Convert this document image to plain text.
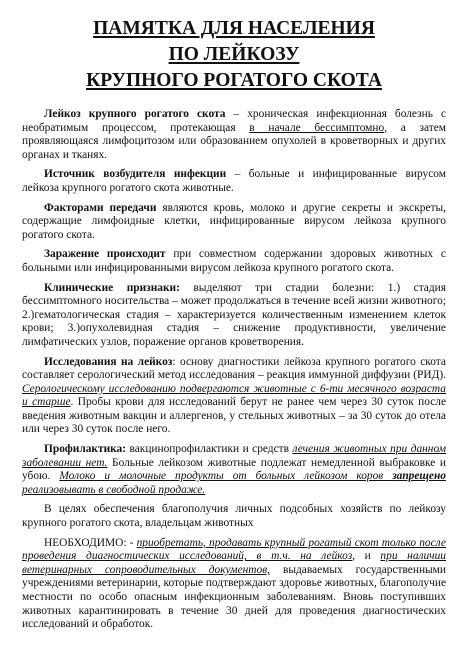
ПАМЯТКА ДЛЯ НАСЕЛЕНИЯ
ПО ЛЕЙКОЗУ
КРУПНОГО РОГАТОГО СКОТА

Лейкоз крупного рогатого скота – хроническая инфекционная болезнь с необратимым процессом, протекающая в начале бессимптомно, а затем проявляющаяся лимфоцитозом или образованием опухолей в кроветворных и других органах и тканях.

Источник возбудителя инфекции – больные и инфицированные вирусом лейкоза крупного рогатого скота животные.

Факторами передачи являются кровь, молоко и другие секреты и экскреты, содержащие лимфоидные клетки, инфицированные вирусом лейкоза крупного рогатого скота.

Заражение происходит при совместном содержании здоровых животных с больными или инфицированными вирусом лейкоза крупного рогатого скота.

Клинические признаки: выделяют три стадии болезни: 1.) стадия бессимптомного носительства – может продолжаться в течение всей жизни животного; 2.)гематологическая стадия – характеризуется количественным изменением клеток крови; 3.)опухолевидная стадия – снижение продуктивности, увеличение лимфатических узлов, поражение органов кроветворения.

Исследования на лейкоз: основу диагностики лейкоза крупного рогатого скота составляет серологический метод исследования – реакция иммунной диффузии (РИД). Серологическому исследованию подвергаются животные с 6-ти месячного возраста и старше. Пробы крови для исследований берут не ранее чем через 30 суток после введения животным вакцин и аллергенов, у стельных животных – за 30 суток до отела или через 30 суток после него.

Профилактика: вакцинопрофилактики и средств лечения животных при данном заболевании нет. Больные лейкозом животные подлежат немедленной выбраковке и убою. Молоко и молочные продукты от больных лейкозом коров запрещено реализовывать в свободной продаже.

В целях обеспечения благополучия личных подсобных хозяйств по лейкозу крупного рогатого скота, владельцам животных

НЕОБХОДИМО: - приобретать, продавать крупный рогатый скот только после проведения диагностических исследований, в т.ч. на лейкоз, и при наличии ветеринарных сопроводительных документов, выдаваемых государственными учреждениями ветеринарии, которые подтверждают здоровье животных, благополучие местности по особо опасным инфекционным заболеваниям. Вновь поступивших животных карантинировать в течение 30 дней для проведения диагностических исследований и обработок.
